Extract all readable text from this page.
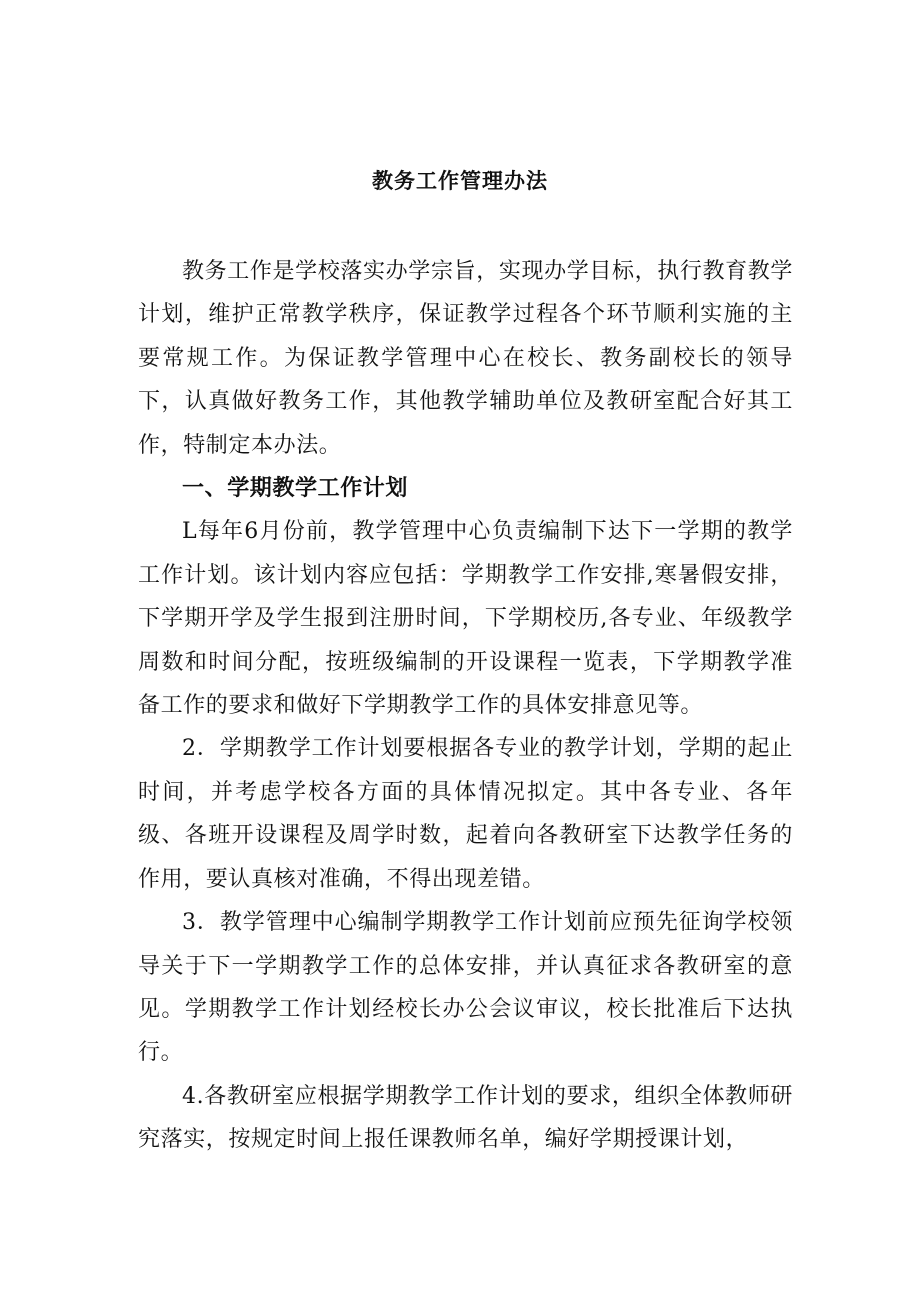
教务工作管理办法

教务工作是学校落实办学宗旨，实现办学目标，执行教育教学计划，维护正常教学秩序，保证教学过程各个环节顺利实施的主要常规工作。为保证教学管理中心在校长、教务副校长的领导下，认真做好教务工作，其他教学辅助单位及教研室配合好其工作，特制定本办法。

一、学期教学工作计划

L每年6月份前，教学管理中心负责编制下达下一学期的教学工作计划。该计划内容应包括：学期教学工作安排,寒暑假安排，下学期开学及学生报到注册时间，下学期校历,各专业、年级教学周数和时间分配，按班级编制的开设课程一览表，下学期教学准备工作的要求和做好下学期教学工作的具体安排意见等。

2．学期教学工作计划要根据各专业的教学计划，学期的起止时间，并考虑学校各方面的具体情况拟定。其中各专业、各年级、各班开设课程及周学时数，起着向各教研室下达教学任务的作用，要认真核对准确，不得出现差错。

3．教学管理中心编制学期教学工作计划前应预先征询学校领导关于下一学期教学工作的总体安排，并认真征求各教研室的意见。学期教学工作计划经校长办公会议审议，校长批准后下达执行。

4.各教研室应根据学期教学工作计划的要求，组织全体教师研究落实，按规定时间上报任课教师名单，编好学期授课计划，
